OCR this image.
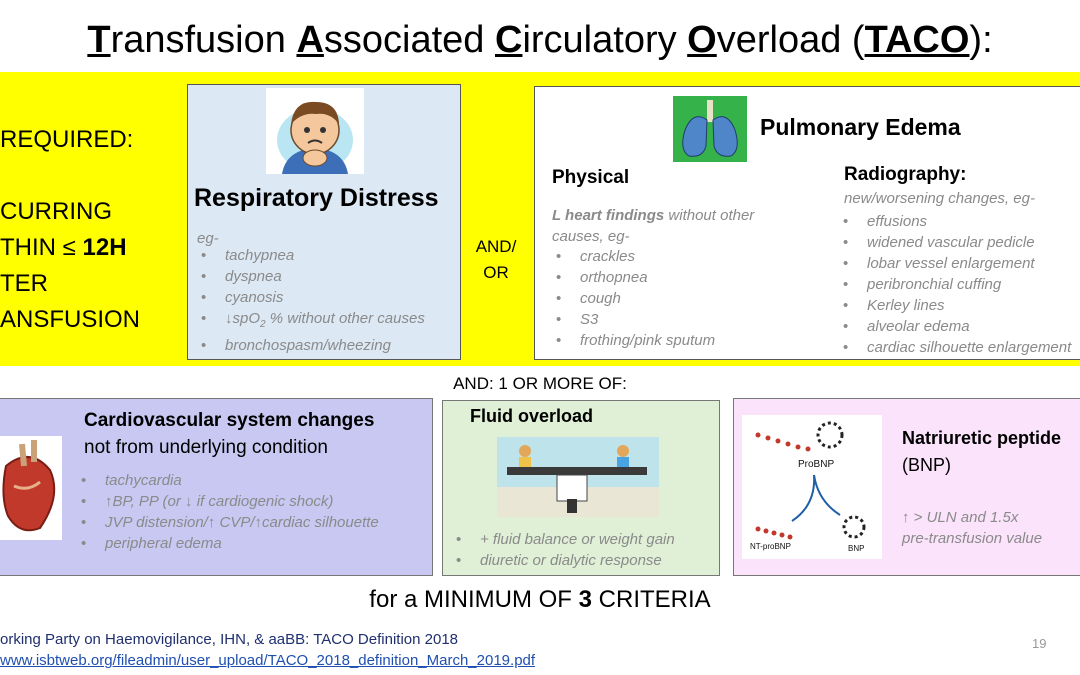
Transfusion Associated Circulatory Overload (TACO):
REQUIRED:
CURRING
THIN ≤ 12H
TER
ANSFUSION
Respiratory Distress
eg-
• tachypnea
• dyspnea
• cyanosis
• ↓spO$_2$ % without other causes
• bronchospasm/wheezing
AND/
OR
Pulmonary Edema
Physical
L heart findings without other
causes, eg-
• crackles
• orthopnea
• cough
• S3
• frothing/pink sputum
Radiography:
new/worsening changes, eg-
• effusions
• widened vascular pedicle
• lobar vessel enlargement
• peribronchial cuffing
• Kerley lines
• alveolar edema
• cardiac silhouette enlargement
AND: 1 OR MORE OF:
Cardiovascular system changes
not from underlying condition
• tachycardia
• ↑BP, PP (or ↓ if cardiogenic shock)
• JVP distension/↑ CVP/↑cardiac silhouette
• peripheral edema
Fluid overload
• + fluid balance or weight gain
• diuretic or dialytic response
ProBNP
NT-proBNP	BNP
Natriuretic peptide
(BNP)
↑ > ULN and 1.5x
pre-transfusion value
for a MINIMUM OF 3 CRITERIA
orking Party on Haemovigilance, IHN, & aaBB: TACO Definition 2018
www.isbtweb.org/fileadmin/user_upload/TACO_2018_definition_March_2019.pdf
19
